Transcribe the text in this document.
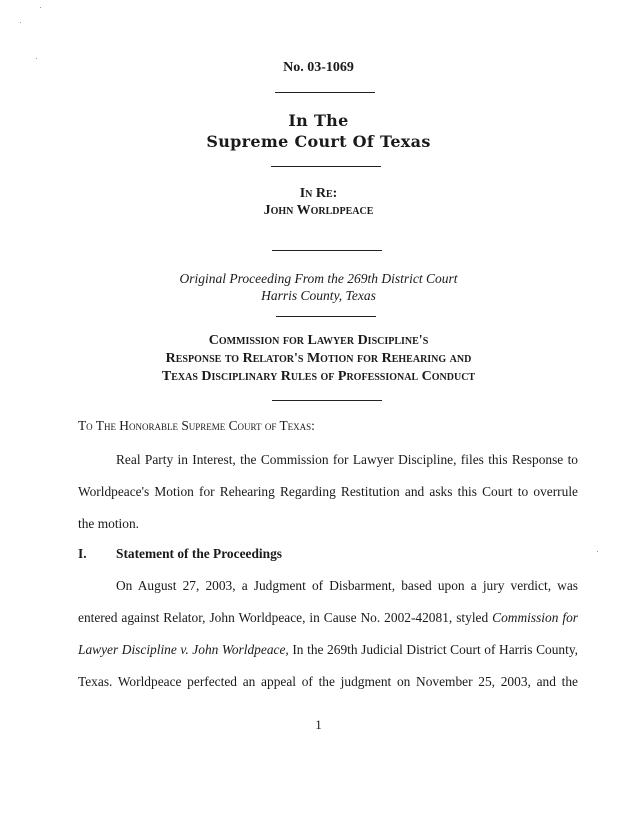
No. 03-1069
In The
Supreme Court Of Texas
In Re:
John Worldpeace
Original Proceeding From the 269th District Court
Harris County, Texas
Commission for Lawyer Discipline's
Response to Relator's Motion for Rehearing and
Texas Disciplinary Rules of Professional Conduct
To The Honorable Supreme Court of Texas:
Real Party in Interest, the Commission for Lawyer Discipline, files this Response to
Worldpeace's Motion for Rehearing Regarding Restitution and asks this Court to overrule
the motion.
I. Statement of the Proceedings
On August 27, 2003, a Judgment of Disbarment, based upon a jury verdict, was
entered against Relator, John Worldpeace, in Cause No. 2002-42081, styled Commission for
Lawyer Discipline v. John Worldpeace, In the 269th Judicial District Court of Harris County,
Texas. Worldpeace perfected an appeal of the judgment on November 25, 2003, and the
1
